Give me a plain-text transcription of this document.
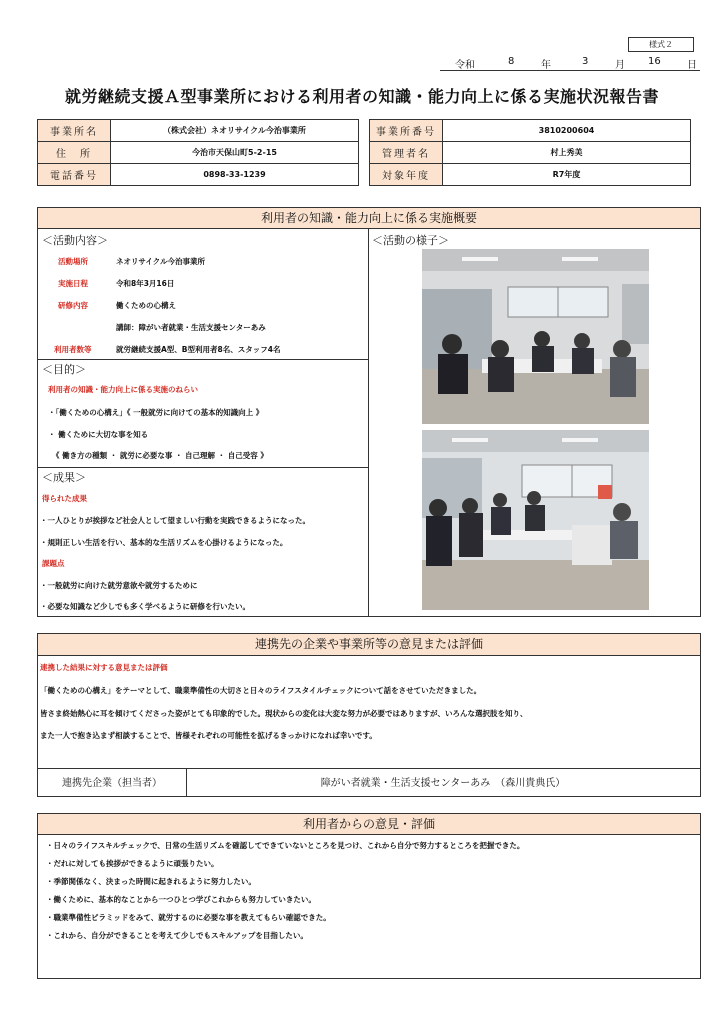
様式２
令和	8	年	3	月 16	日
就労継続支援Ａ型事業所における利用者の知識・能力向上に係る実施状況報告書
事業所名	（株式会社）ネオリサイクル今治事業所
住　所	今治市天保山町5-2-15
電話番号	0898-33-1239
事業所番号	3810200604
管理者名	村上秀美
対象年度	R7年度
利用者の知識・能力向上に係る実施概要
＜活動内容＞
活動場所	ネオリサイクル今治事業所
実施日程	令和8年3月16日
研修内容	働くための心構え
講師：障がい者就業・生活支援センターあみ
利用者数等	就労継続支援A型、B型利用者8名、スタッフ4名
＜目的＞
利用者の知識・能力向上に係る実施のねらい
・「働くための心構え」《 一般就労に向けての基本的知識向上 》
・ 働くために大切な事を知る
《 働き方の種類 ・ 就労に必要な事 ・ 自己理解 ・ 自己受容 》
＜成果＞
得られた成果
・一人ひとりが挨拶など社会人として望ましい行動を実践できるようになった。
・規則正しい生活を行い、基本的な生活リズムを心掛けるようになった。
課題点
・一般就労に向けた就労意欲や就労するために
・必要な知識など少しでも多く学べるように研修を行いたい。
＜活動の様子＞
連携先の企業や事業所等の意見または評価
連携した結果に対する意見または評価
「働くための心構え」をテーマとして、職業準備性の大切さと日々のライフスタイルチェックについて話をさせていただきました。
皆さま終始熱心に耳を傾けてくださった姿がとても印象的でした。現状からの変化は大変な努力が必要ではありますが、いろんな選択肢を知り、
また一人で抱き込まず相談することで、皆様それぞれの可能性を拡げるきっかけになれば幸いです。
連携先企業（担当者）	障がい者就業・生活支援センターあみ　（森川貴典氏）
利用者からの意見・評価
・日々のライフスキルチェックで、日常の生活リズムを確認してできていないところを見つけ、これから自分で努力するところを把握できた。
・だれに対しても挨拶ができるように頑張りたい。
・季節関係なく、決まった時間に起きれるように努力したい。
・働くために、基本的なことから一つひとつ学びこれからも努力していきたい。
・職業準備性ピラミッドをみて、就労するのに必要な事を教えてもらい確認できた。
・これから、自分ができることを考えて少しでもスキルアップを目指したい。
